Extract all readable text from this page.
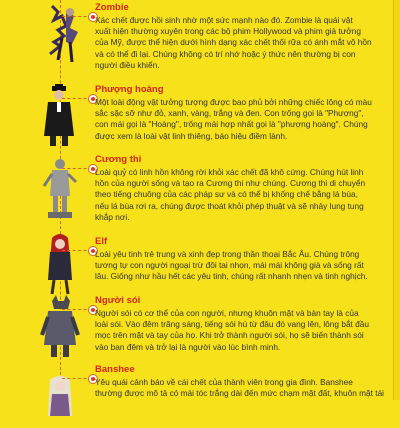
Zombie
Xác chết được hồi sinh nhờ một sức mạnh nào đó. Zombie là quái vật
xuất hiện thường xuyên trong các bộ phim Hollywood và phim giả tưởng
của Mỹ, được thể hiện dưới hình dạng xác chết thối rữa có ánh mắt vô hồn
và có thể đi lại. Chúng không có trí nhớ hoặc ý thức nên thường bị con
người điều khiển.
Phượng hoàng
Một loài động vật tưởng tượng được bao phủ bởi những chiếc lông có màu
sắc sặc sỡ như đỏ, xanh, vàng, trắng và đen. Con trống gọi là "Phượng",
con mái gọi là "Hoàng", trống mái hợp nhất gọi là "phượng hoàng". Chúng
được xem là loài vật linh thiêng, báo hiệu điềm lành.
Cương thi
Loài quỷ có linh hồn không rời khỏi xác chết đã khô cứng. Chúng hút linh
hồn của người sống và tạo ra Cương thi như chúng. Cương thi di chuyển
theo tiếng chuông của các pháp sư và có thể bị khống chế bằng lá bùa,
nếu lá bùa rơi ra, chúng được thoát khỏi phép thuật và sẽ nhảy lung tung
khắp nơi.
Elf
Loài yêu tinh trẻ trung và xinh đẹp trong thần thoại Bắc Âu. Chúng trông
tương tự con người ngoại trừ đôi tai nhọn, mái mái không già và sống rất
lâu. Giống như hầu hết các yêu tinh, chúng rất nhanh nhẹn và tinh nghịch.
Người sói
Người sói có cơ thể của con người, nhưng khuôn mặt và bàn tay là của
loài sói. Vào đêm trăng sáng, tiếng sói hú từ đâu đó vang lên, lông bắt đầu
mọc trên mặt và tay của họ. Khi trở thành người sói, họ sẽ biến thành sói
vào ban đêm và trở lại là người vào lúc bình minh.
Banshee
Yêu quái cảnh báo về cái chết của thành viên trong gia đình. Banshee
thường được mô tả có mái tóc trắng dài đến mức chạm mặt đất, khuôn mặt tái
